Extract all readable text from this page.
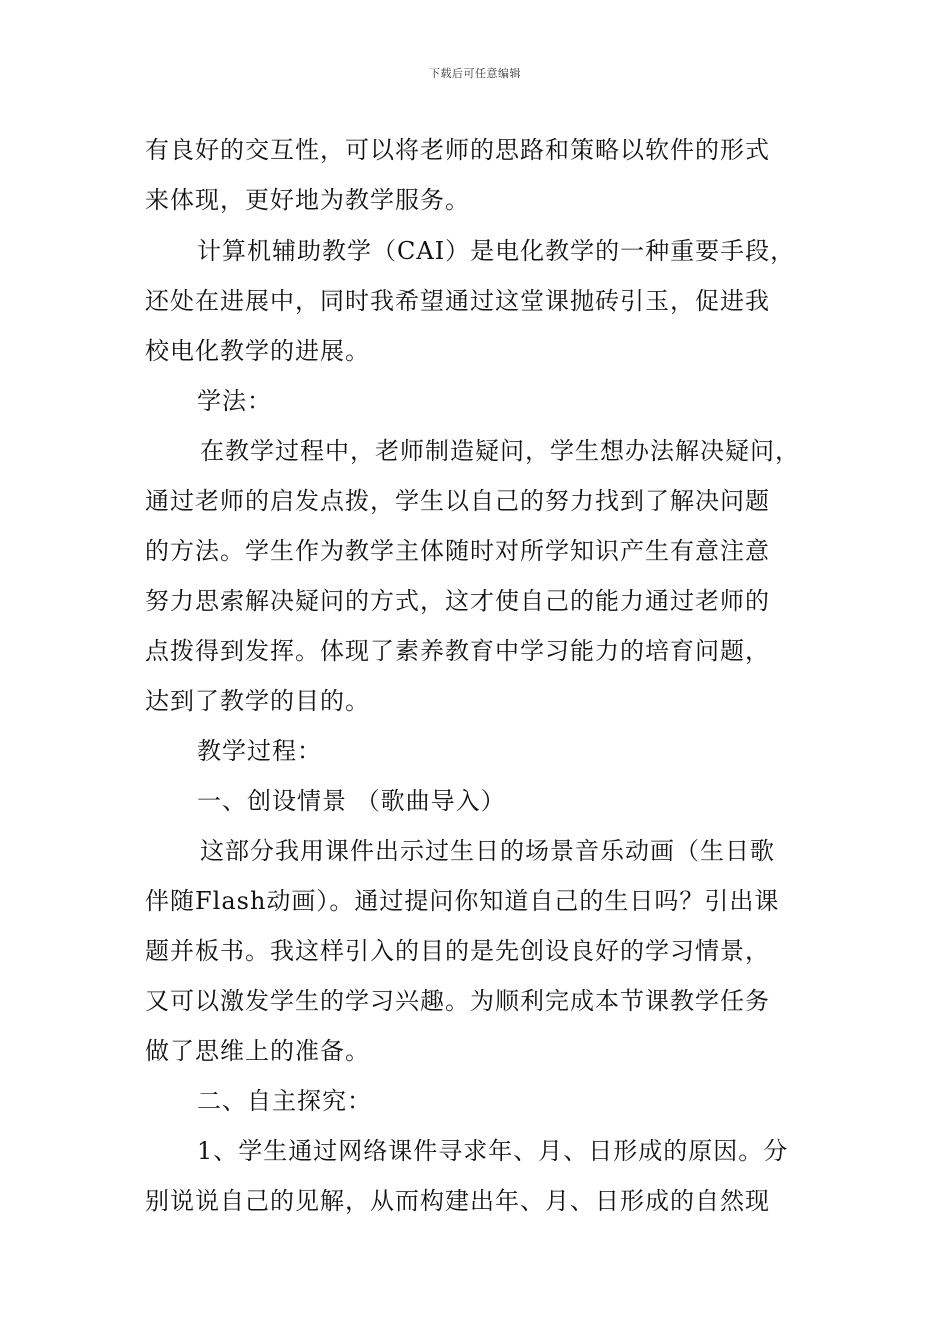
下载后可任意编辑
有良好的交互性，可以将老师的思路和策略以软件的形式
来体现，更好地为教学服务。
计算机辅助教学（CAI）是电化教学的一种重要手段，
还处在进展中，同时我希望通过这堂课抛砖引玉，促进我
校电化教学的进展。
学法：
在教学过程中，老师制造疑问，学生想办法解决疑问，
通过老师的启发点拨，学生以自己的努力找到了解决问题
的方法。学生作为教学主体随时对所学知识产生有意注意
努力思索解决疑问的方式，这才使自己的能力通过老师的
点拨得到发挥。体现了素养教育中学习能力的培育问题，
达到了教学的目的。
教学过程：
一、创设情景 （歌曲导入）
这部分我用课件出示过生日的场景音乐动画（生日歌
伴随Flash动画）。通过提问你知道自己的生日吗？引出课
题并板书。我这样引入的目的是先创设良好的学习情景，
又可以激发学生的学习兴趣。为顺利完成本节课教学任务
做了思维上的准备。
二、自主探究：
1、学生通过网络课件寻求年、月、日形成的原因。分
别说说自己的见解，从而构建出年、月、日形成的自然现
